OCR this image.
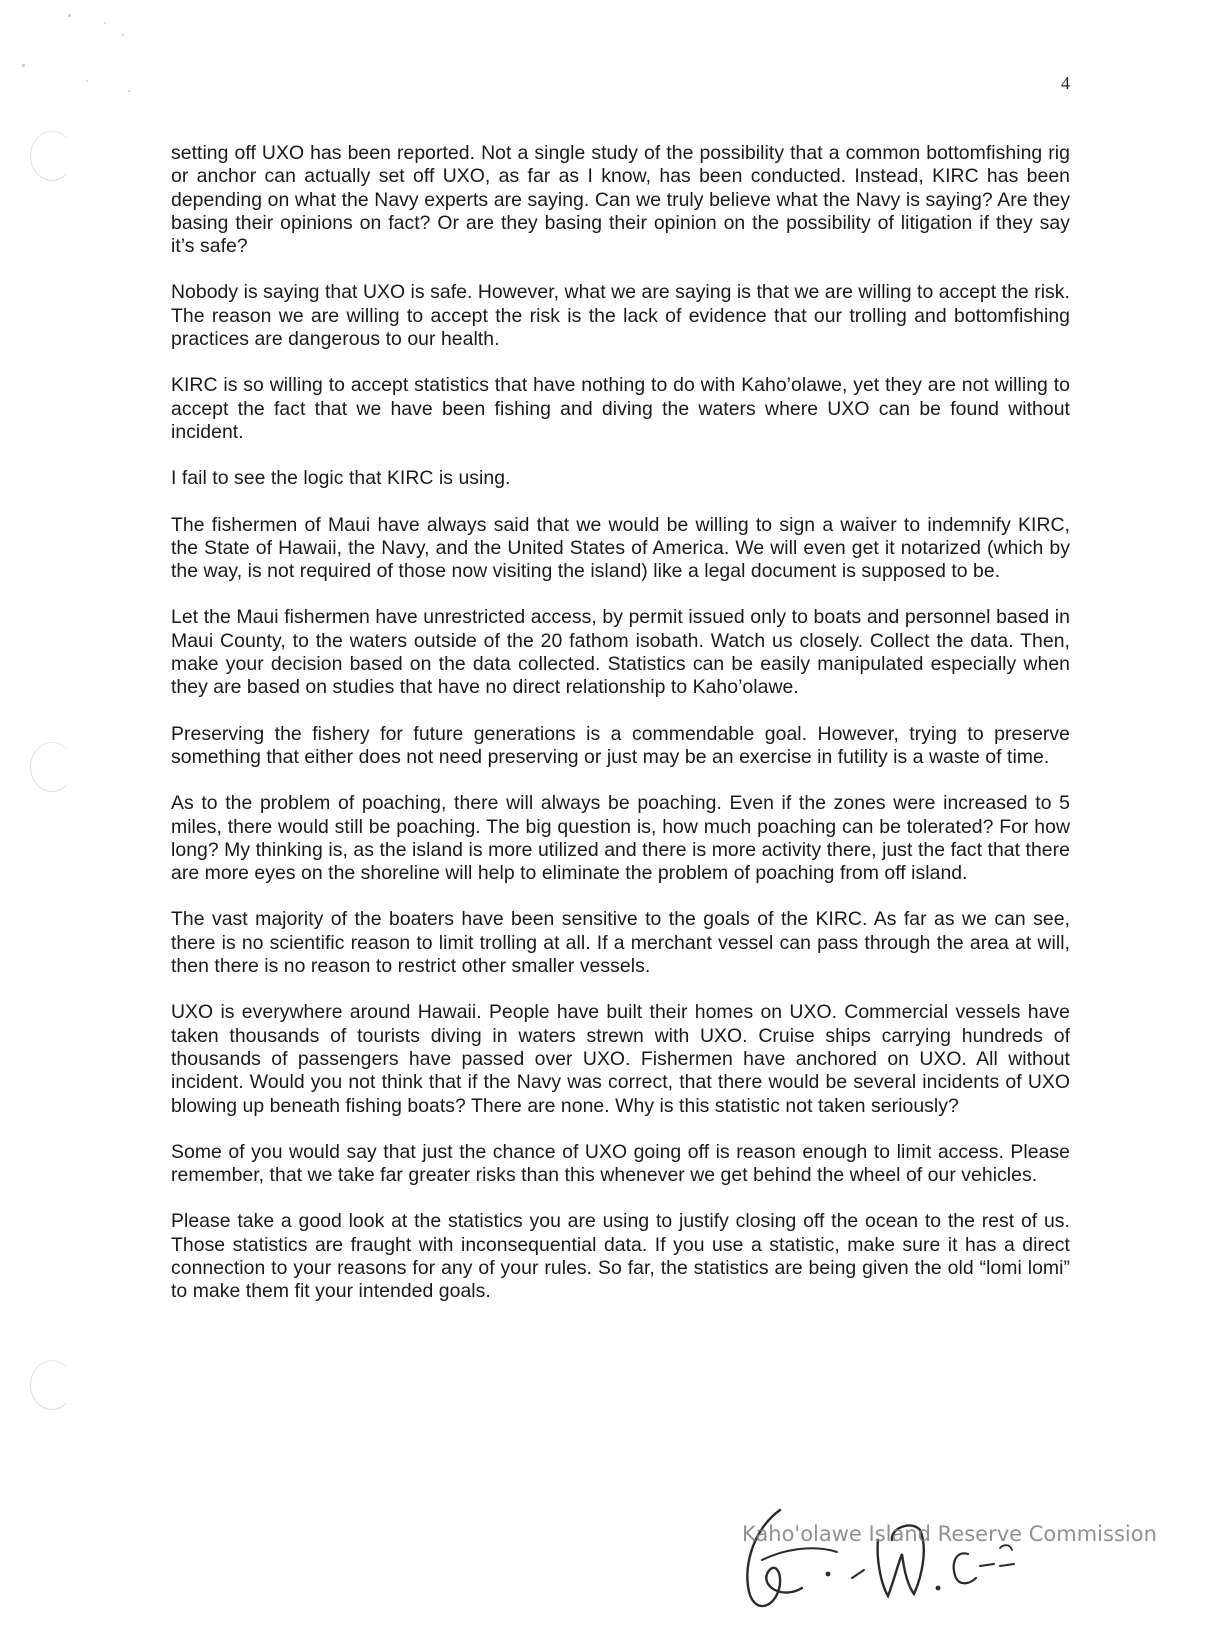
4

setting off UXO has been reported. Not a single study of the possibility that a common bottomfishing rig or anchor can actually set off UXO, as far as I know, has been conducted. Instead, KIRC has been depending on what the Navy experts are saying. Can we truly believe what the Navy is saying? Are they basing their opinions on fact? Or are they basing their opinion on the possibility of litigation if they say it’s safe?

Nobody is saying that UXO is safe. However, what we are saying is that we are willing to accept the risk. The reason we are willing to accept the risk is the lack of evidence that our trolling and bottomfishing practices are dangerous to our health.

KIRC is so willing to accept statistics that have nothing to do with Kaho’olawe, yet they are not willing to accept the fact that we have been fishing and diving the waters where UXO can be found without incident.

I fail to see the logic that KIRC is using.

The fishermen of Maui have always said that we would be willing to sign a waiver to indemnify KIRC, the State of Hawaii, the Navy, and the United States of America. We will even get it notarized (which by the way, is not required of those now visiting the island) like a legal document is supposed to be.

Let the Maui fishermen have unrestricted access, by permit issued only to boats and personnel based in Maui County, to the waters outside of the 20 fathom isobath. Watch us closely. Collect the data. Then, make your decision based on the data collected. Statistics can be easily manipulated especially when they are based on studies that have no direct relationship to Kaho’olawe.

Preserving the fishery for future generations is a commendable goal. However, trying to preserve something that either does not need preserving or just may be an exercise in futility is a waste of time.

As to the problem of poaching, there will always be poaching. Even if the zones were increased to 5 miles, there would still be poaching. The big question is, how much poaching can be tolerated? For how long? My thinking is, as the island is more utilized and there is more activity there, just the fact that there are more eyes on the shoreline will help to eliminate the problem of poaching from off island.

The vast majority of the boaters have been sensitive to the goals of the KIRC. As far as we can see, there is no scientific reason to limit trolling at all. If a merchant vessel can pass through the area at will, then there is no reason to restrict other smaller vessels.

UXO is everywhere around Hawaii. People have built their homes on UXO. Commercial vessels have taken thousands of tourists diving in waters strewn with UXO. Cruise ships carrying hundreds of thousands of passengers have passed over UXO. Fishermen have anchored on UXO. All without incident. Would you not think that if the Navy was correct, that there would be several incidents of UXO blowing up beneath fishing boats? There are none. Why is this statistic not taken seriously?

Some of you would say that just the chance of UXO going off is reason enough to limit access. Please remember, that we take far greater risks than this whenever we get behind the wheel of our vehicles.

Please take a good look at the statistics you are using to justify closing off the ocean to the rest of us. Those statistics are fraught with inconsequential data. If you use a statistic, make sure it has a direct connection to your reasons for any of your rules. So far, the statistics are being given the old “lomi lomi” to make them fit your intended goals.

Kaho'olawe Island Reserve Commission
